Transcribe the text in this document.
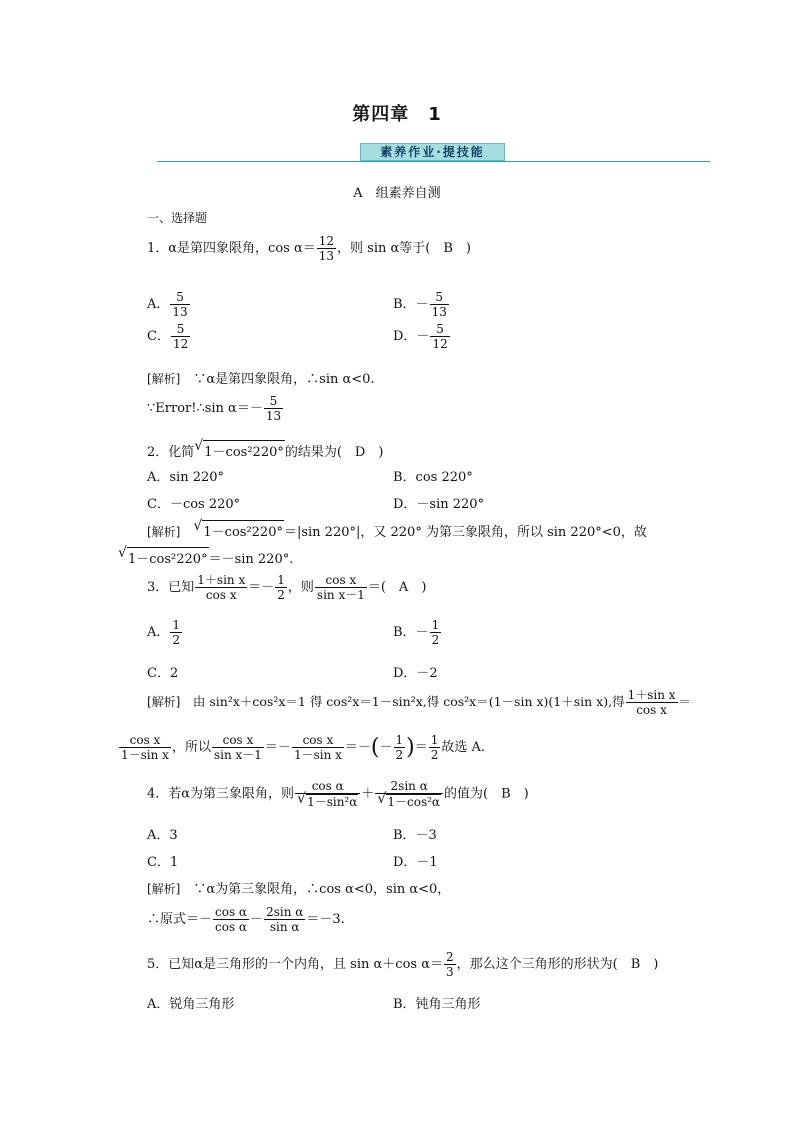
第四章　1
素养作业·提技能
A　组素养自测
一、选择题
1．α是第四象限角，$\cos \alpha= \frac{12}{13}$ ，则 sin α等于(　B　)
A． $\frac{5}{13}$	B．－ $\frac{5}{13}$
C． $\frac{5}{12}$	D．－ $\frac{5}{12}$
[解析]　 ∵α是第四象限角，∴sin α<0.
∵Error!∴sin $\alpha=- \frac{5}{13}$
2．化简 √ 1－cos²220°的结果为(　D　)
A．sin 220°	B．cos 220°
C．－cos 220°	D．－sin 220°
[解析]　 √ 1－cos²220°＝|sin 220°|，又 220° 为第三象限角，所以 sin 220°<0，故
√ 1－cos²220°＝－sin 220°.
3．已知 $\frac{\text{1＋sin x}}{\text{cos x}} =- \frac{1}{2}$ ，则 $\frac{\text{cos x}}{\text{sin x－1}}$ ＝(　A　)
A． $\frac{1}{2}$	B．－ $\frac{1}{2}$
C．2	D．－2
[解析]　 由 sin²x＋cos²x＝1 得 cos²x＝1－sin²x,得 cos²x＝(1－sin x)(1＋sin x),得 $\frac{\text{1＋sin x}}{\text{cos x}}$ ＝
$\frac{\text{cos x}}{\text{1－sin x}}$ ，所以 $\frac{\text{cos x}}{\text{sin x－1}} =- \frac{\text{cos x}}{\text{1－sin x}}$ ＝－(－ $\frac{1}{2}$ )＝ $\frac{1}{2}$ 故选 A.
4．若α为第三象限角，则 cos α
√ 1－sin²α ＋ 2sin α
√ 1－cos²α 的值为(　B　)
A．3	B．－3
C．1	D．－1
[解析]　 ∵α为第三象限角，∴cos α<0，sin α<0，
∴原式＝－ $\frac{\text{cos α}}{\text{cos α}} - \frac{\text{2sin α}}{\text{sin α}} =-3$.
5．已知α是三角形的一个内角，且 sin α＋cos $\alpha= \frac{2}{3}$ ，那么这个三角形的形状为(　B　)
A．锐角三角形	B．钝角三角形
